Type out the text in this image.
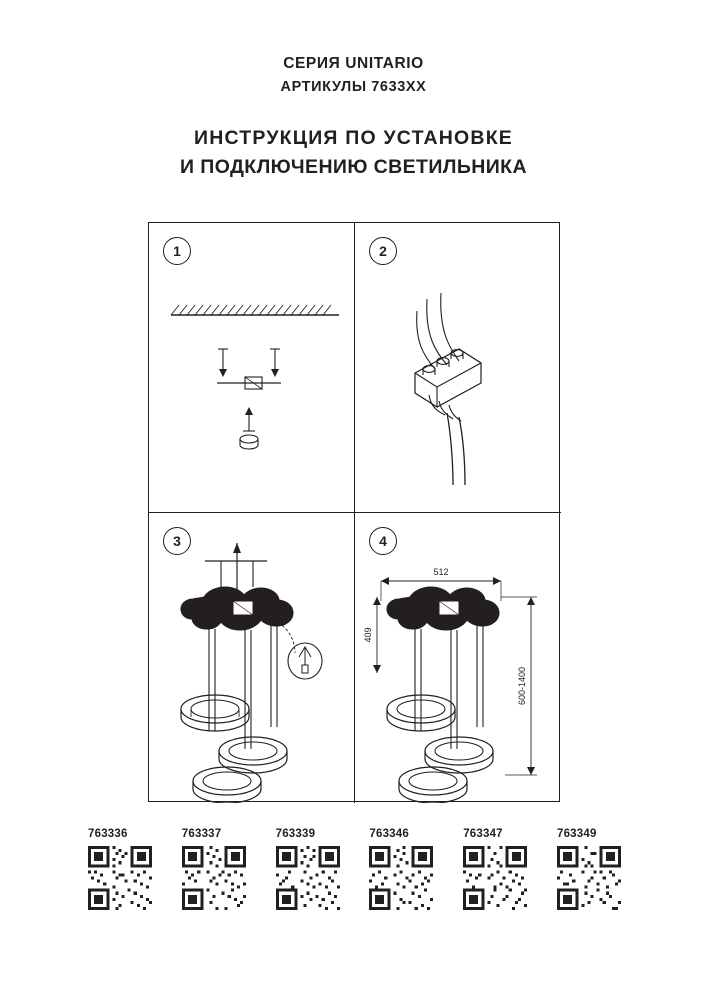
СЕРИЯ UNITARIO
АРТИКУЛЫ 7633XX
ИНСТРУКЦИЯ ПО УСТАНОВКЕ
И ПОДКЛЮЧЕНИЮ СВЕТИЛЬНИКА
1	2
3	4
512
409
600-1400
763336	763337	763339	763346	763347	763349
